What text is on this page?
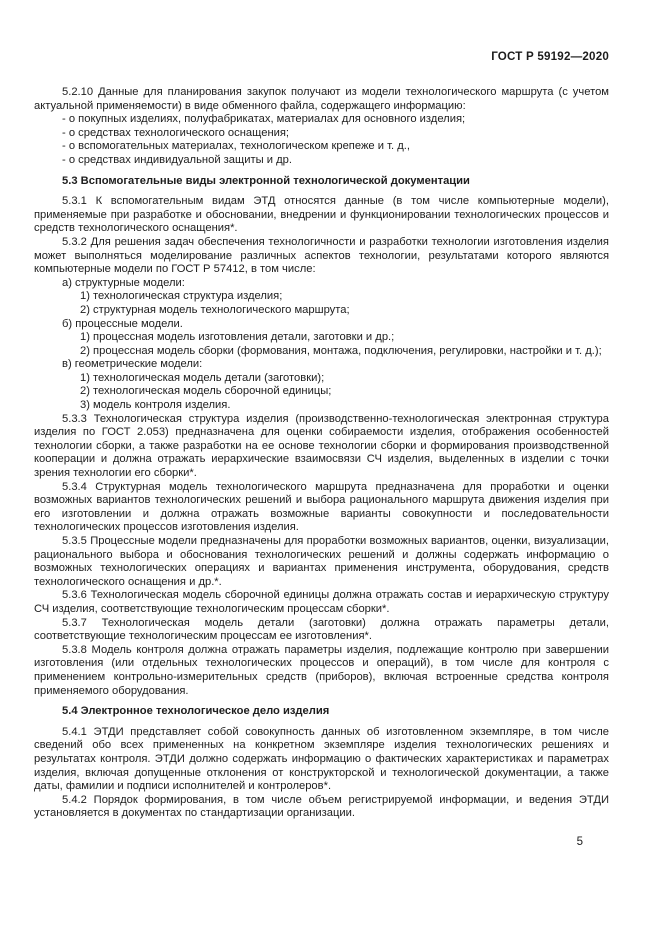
ГОСТ Р 59192—2020

5.2.10 Данные для планирования закупок получают из модели технологического маршрута (с учетом актуальной применяемости) в виде обменного файла, содержащего информацию:

- о покупных изделиях, полуфабрикатах, материалах для основного изделия;

- о средствах технологического оснащения;

- о вспомогательных материалах, технологическом крепеже и т. д.,

- о средствах индивидуальной защиты и др.

5.3 Вспомогательные виды электронной технологической документации

5.3.1 К вспомогательным видам ЭТД относятся данные (в том числе компьютерные модели), применяемые при разработке и обосновании, внедрении и функционировании технологических процессов и средств технологического оснащения*.

5.3.2 Для решения задач обеспечения технологичности и разработки технологии изготовления изделия может выполняться моделирование различных аспектов технологии, результатами которого являются компьютерные модели по ГОСТ Р 57412, в том числе:

а) структурные модели:

1) технологическая структура изделия;

2) структурная модель технологического маршрута;

б) процессные модели.

1) процессная модель изготовления детали, заготовки и др.;

2) процессная модель сборки (формования, монтажа, подключения, регулировки, настройки и т. д.);

в) геометрические модели:

1) технологическая модель детали (заготовки);

2) технологическая модель сборочной единицы;

3) модель контроля изделия.

5.3.3 Технологическая структура изделия (производственно-технологическая электронная структура изделия по ГОСТ 2.053) предназначена для оценки собираемости изделия, отображения особенностей технологии сборки, а также разработки на ее основе технологии сборки и формирования производственной кооперации и должна отражать иерархические взаимосвязи СЧ изделия, выделенных в изделии с точки зрения технологии его сборки*.

5.3.4 Структурная модель технологического маршрута предназначена для проработки и оценки возможных вариантов технологических решений и выбора рационального маршрута движения изделия при его изготовлении и должна отражать возможные варианты совокупности и последовательности технологических процессов изготовления изделия.

5.3.5 Процессные модели предназначены для проработки возможных вариантов, оценки, визуализации, рационального выбора и обоснования технологических решений и должны содержать информацию о возможных технологических операциях и вариантах применения инструмента, оборудования, средств технологического оснащения и др.*.

5.3.6 Технологическая модель сборочной единицы должна отражать состав и иерархическую структуру СЧ изделия, соответствующие технологическим процессам сборки*.

5.3.7 Технологическая модель детали (заготовки) должна отражать параметры детали, соответствующие технологическим процессам ее изготовления*.

5.3.8 Модель контроля должна отражать параметры изделия, подлежащие контролю при завершении изготовления (или отдельных технологических процессов и операций), в том числе для контроля с применением контрольно-измерительных средств (приборов), включая встроенные средства контроля применяемого оборудования.

5.4 Электронное технологическое дело изделия

5.4.1 ЭТДИ представляет собой совокупность данных об изготовленном экземпляре, в том числе сведений обо всех примененных на конкретном экземпляре изделия технологических решениях и результатах контроля. ЭТДИ должно содержать информацию о фактических характеристиках и параметрах изделия, включая допущенные отклонения от конструкторской и технологической документации, а также даты, фамилии и подписи исполнителей и контролеров*.

5.4.2 Порядок формирования, в том числе объем регистрируемой информации, и ведения ЭТДИ установляется в документах по стандартизации организации.

5
